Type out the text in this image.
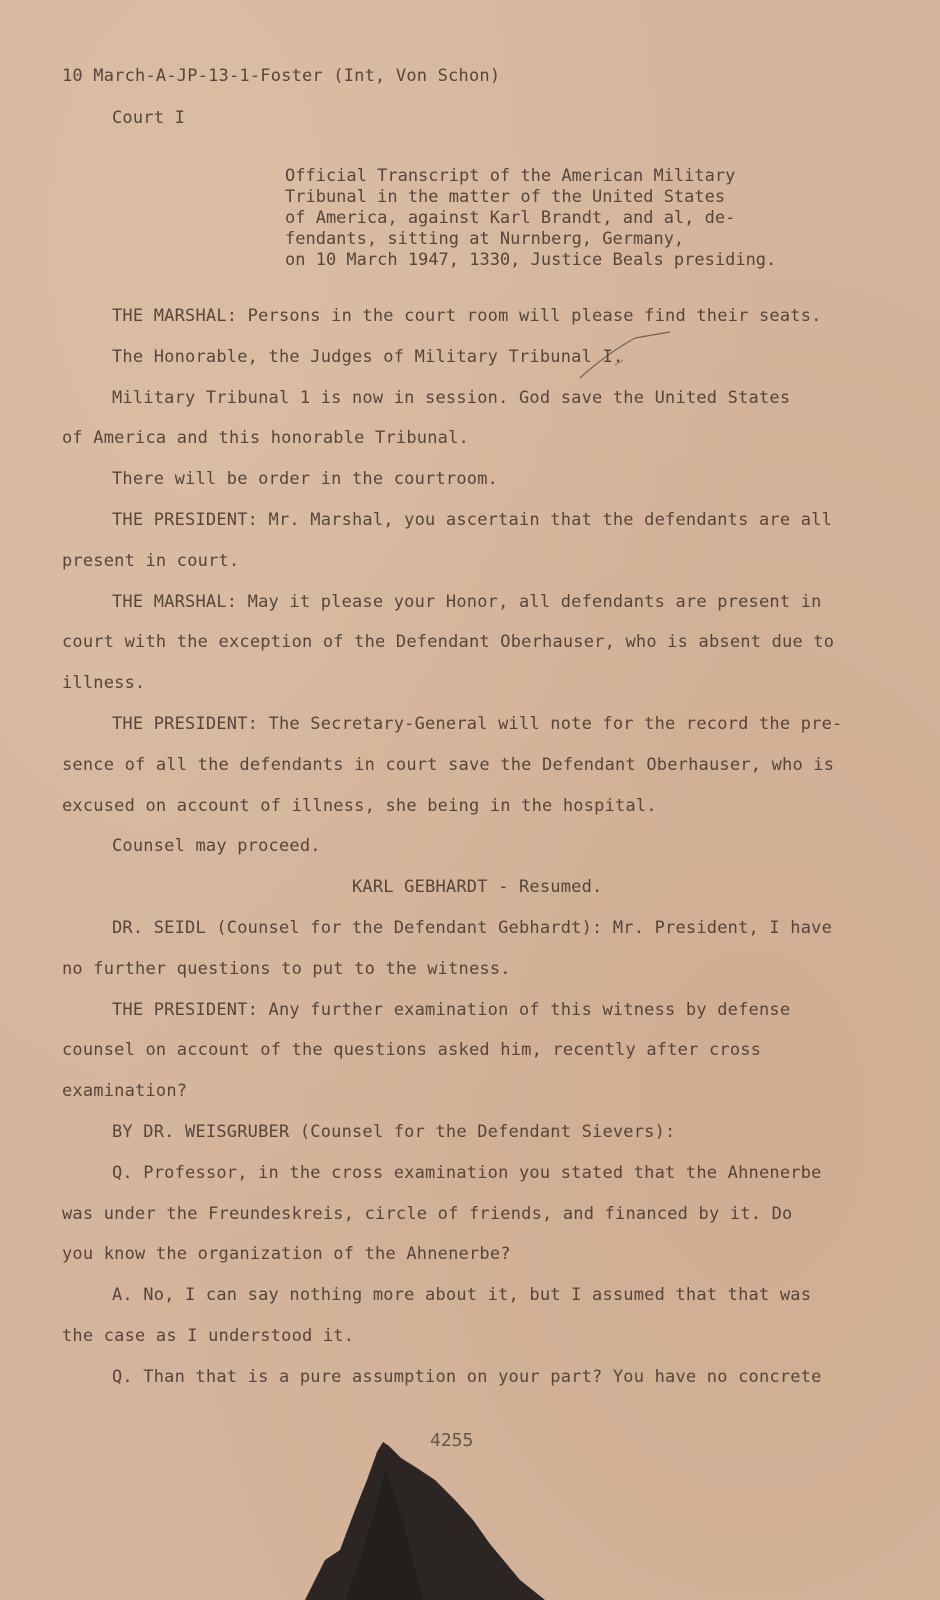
10 March-A-JP-13-1-Foster (Int, Von Schon)
Court I
Official Transcript of the American Military
Tribunal in the matter of the United States
of America, against Karl Brandt, and al, de-
fendants, sitting at Nurnberg, Germany,
on 10 March 1947, 1330, Justice Beals presiding.
THE MARSHAL: Persons in the court room will please find their seats.
The Honorable, the Judges of Military Tribunal I.
Military Tribunal 1 is now in session. God save the United States
of America and this honorable Tribunal.
There will be order in the courtroom.
THE PRESIDENT: Mr. Marshal, you ascertain that the defendants are all
present in court.
THE MARSHAL: May it please your Honor, all defendants are present in
court with the exception of the Defendant Oberhauser, who is absent due to
illness.
THE PRESIDENT: The Secretary-General will note for the record the pre-
sence of all the defendants in court save the Defendant Oberhauser, who is
excused on account of illness, she being in the hospital.
Counsel may proceed.
KARL GEBHARDT - Resumed.
DR. SEIDL (Counsel for the Defendant Gebhardt): Mr. President, I have
no further questions to put to the witness.
THE PRESIDENT: Any further examination of this witness by defense
counsel on account of the questions asked him, recently after cross
examination?
BY DR. WEISGRUBER (Counsel for the Defendant Sievers):
Q. Professor, in the cross examination you stated that the Ahnenerbe
was under the Freundeskreis, circle of friends, and financed by it. Do
you know the organization of the Ahnenerbe?
A. No, I can say nothing more about it, but I assumed that that was
the case as I understood it.
Q. Than that is a pure assumption on your part? You have no concrete
4255
